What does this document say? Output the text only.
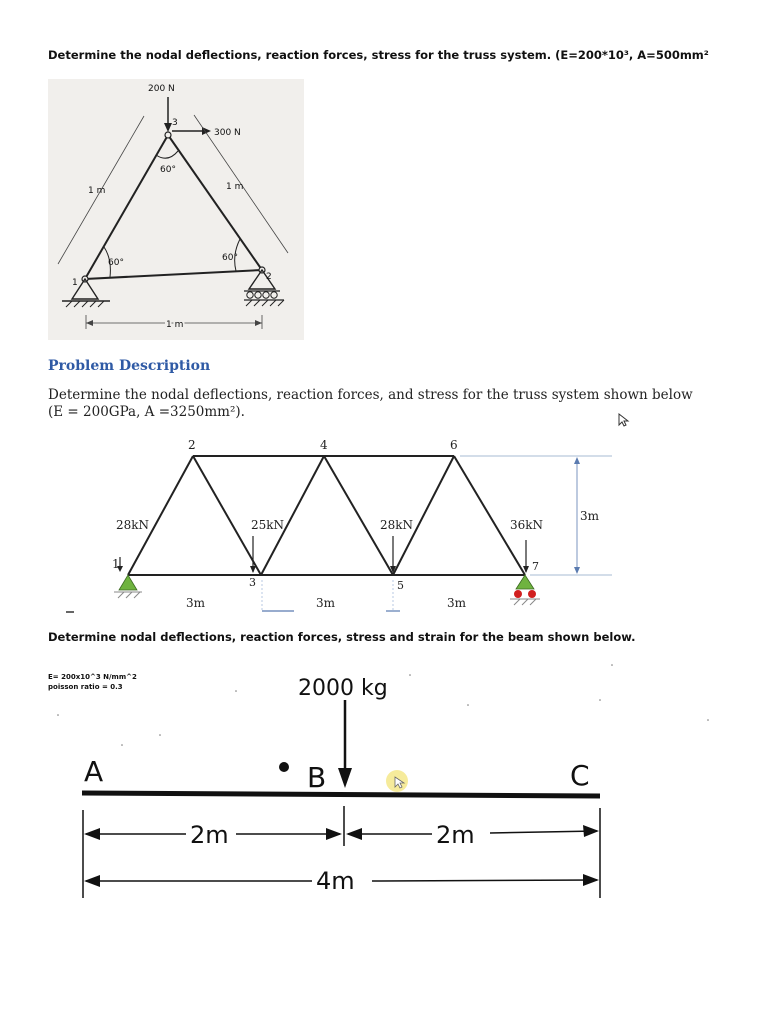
Determine the nodal deflections, reaction forces, stress for the truss system. (E=200*10³, A=500mm²
200 N
300 N
3
1
2
60°
60°	60°
1 m	1 m
1 m
Problem Description
Determine the nodal deflections, reaction forces, and stress for the truss system shown below
(E = 200GPa, A =3250mm²).
2	4	6
1
3	5
7
28kN	25kN	28kN	36kN
3m	3m	3m
3m
Determine nodal deflections, reaction forces, stress and strain for the beam shown below.
E= 200x10^3 N/mm^2
poisson ratio = 0.3	2000 kg
A	B	C
2m	2m
4m
